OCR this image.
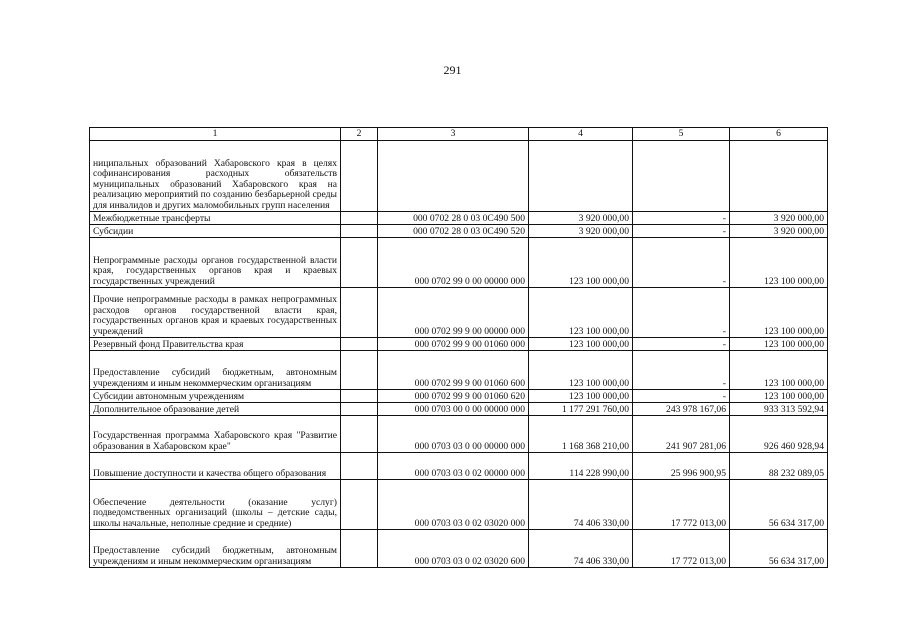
291
1	2	3	4	5	6
ниципальных образований Хабаровского края в целях софинансирования расходных обязательств муниципальных образований Хабаровского края на реализацию мероприятий по созданию безбарьерной среды для инвалидов и других маломобильных групп населения					
Межбюджетные трансферты		000 0702 28 0 03 0С490 500	3 920 000,00	-	3 920 000,00
Субсидии		000 0702 28 0 03 0С490 520	3 920 000,00	-	3 920 000,00
Непрограммные расходы органов государственной власти края, государственных органов края и краевых государственных учреждений		000 0702 99 0 00 00000 000	123 100 000,00	-	123 100 000,00
Прочие непрограммные расходы в рамках непрограммных расходов органов государственной власти края, государственных органов края и краевых государственных учреждений		000 0702 99 9 00 00000 000	123 100 000,00	-	123 100 000,00
Резервный фонд Правительства края		000 0702 99 9 00 01060 000	123 100 000,00	-	123 100 000,00
Предоставление субсидий бюджетным, автономным учреждениям и иным некоммерческим организациям		000 0702 99 9 00 01060 600	123 100 000,00	-	123 100 000,00
Субсидии автономным учреждениям		000 0702 99 9 00 01060 620	123 100 000,00	-	123 100 000,00
Дополнительное образование детей		000 0703 00 0 00 00000 000	1 177 291 760,00	243 978 167,06	933 313 592,94
Государственная программа Хабаровского края "Развитие образования в Хабаровском крае"		000 0703 03 0 00 00000 000	1 168 368 210,00	241 907 281,06	926 460 928,94
Повышение доступности и качества общего образования		000 0703 03 0 02 00000 000	114 228 990,00	25 996 900,95	88 232 089,05
Обеспечение деятельности (оказание услуг) подведомственных организаций (школы – детские сады, школы начальные, неполные средние и средние)		000 0703 03 0 02 03020 000	74 406 330,00	17 772 013,00	56 634 317,00
Предоставление субсидий бюджетным, автономным учреждениям и иным некоммерческим организациям		000 0703 03 0 02 03020 600	74 406 330,00	17 772 013,00	56 634 317,00
